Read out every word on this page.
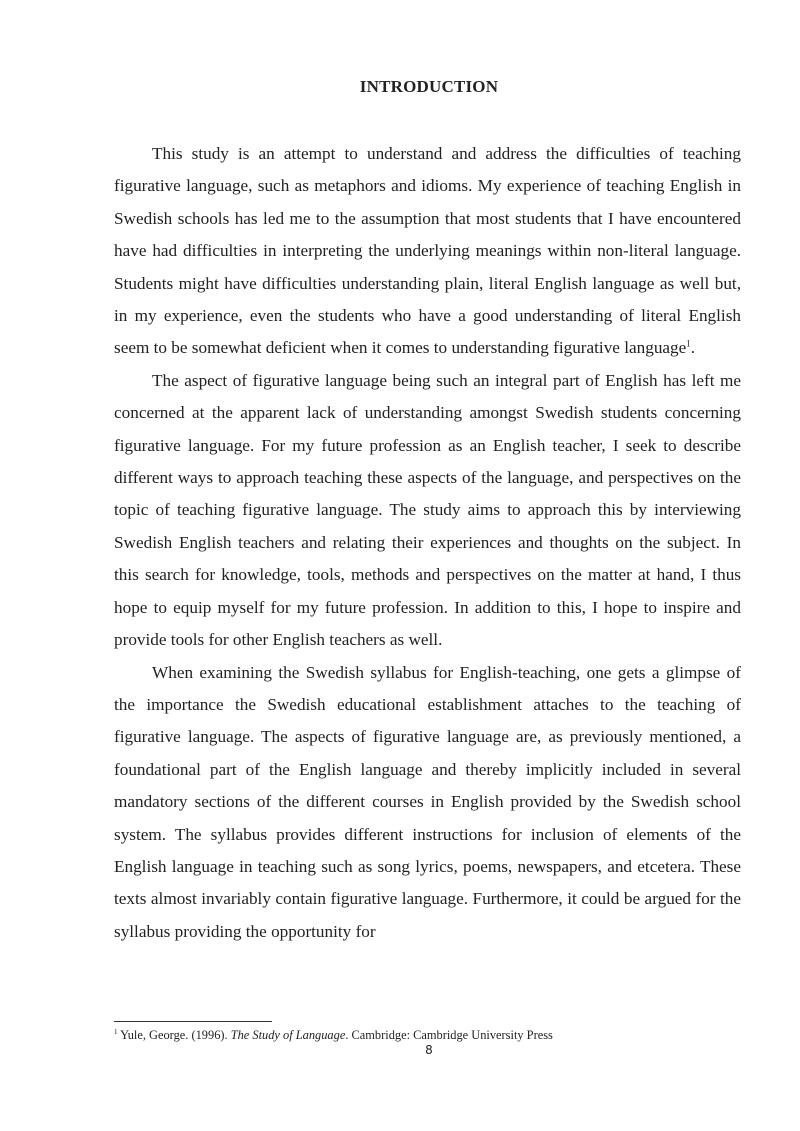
INTRODUCTION

This study is an attempt to understand and address the difficulties of teaching figurative language, such as metaphors and idioms. My experience of teaching English in Swedish schools has led me to the assumption that most students that I have encountered have had difficulties in interpreting the underlying meanings within non-literal language. Students might have difficulties understanding plain, literal English language as well but, in my experience, even the students who have a good understanding of literal English seem to be somewhat deficient when it comes to understanding figurative language$^1$.

The aspect of figurative language being such an integral part of English has left me concerned at the apparent lack of understanding amongst Swedish students concerning figurative language. For my future profession as an English teacher, I seek to describe different ways to approach teaching these aspects of the language, and perspectives on the topic of teaching figurative language. The study aims to approach this by interviewing Swedish English teachers and relating their experiences and thoughts on the subject. In this search for knowledge, tools, methods and perspectives on the matter at hand, I thus hope to equip myself for my future profession. In addition to this, I hope to inspire and provide tools for other English teachers as well.

When examining the Swedish syllabus for English-teaching, one gets a glimpse of the importance the Swedish educational establishment attaches to the teaching of figurative language. The aspects of figurative language are, as previously mentioned, a foundational part of the English language and thereby implicitly included in several mandatory sections of the different courses in English provided by the Swedish school system. The syllabus provides different instructions for inclusion of elements of the English language in teaching such as song lyrics, poems, newspapers, and etcetera. These texts almost invariably contain figurative language. Furthermore, it could be argued for the syllabus providing the opportunity for

$^1$ Yule, George. (1996). The Study of Language. Cambridge: Cambridge University Press

8
